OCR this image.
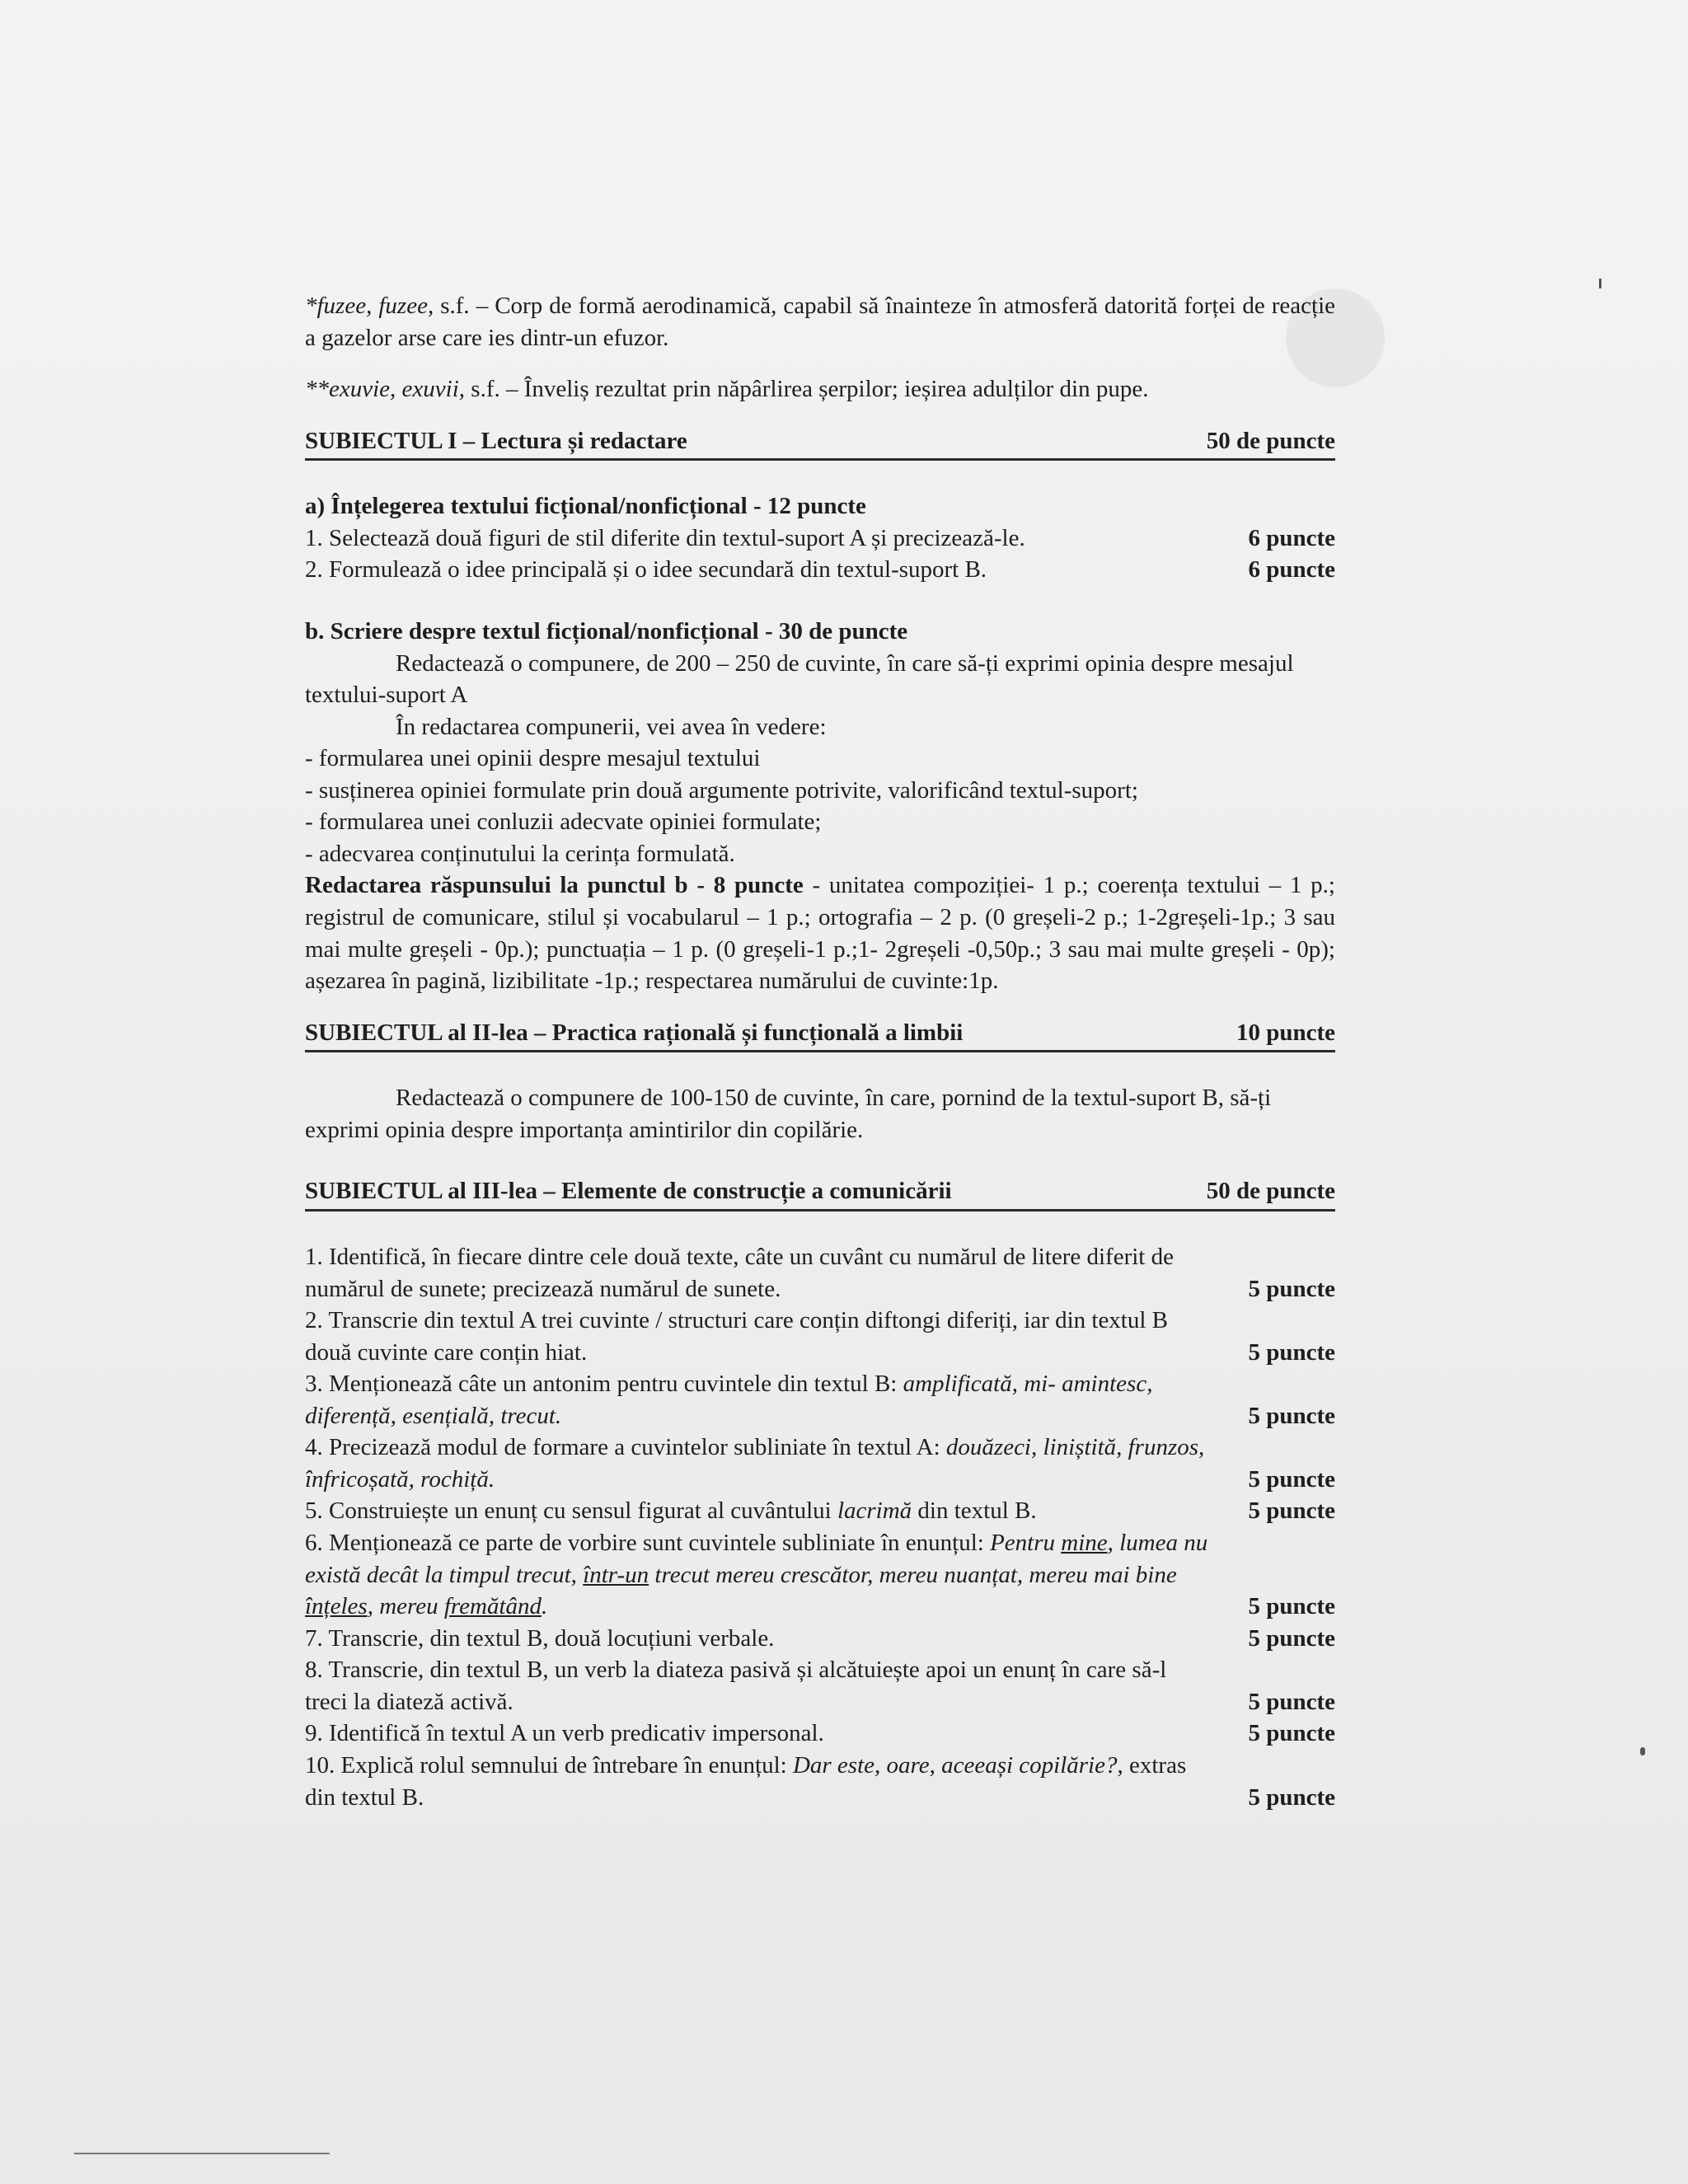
*fuzee, fuzee, s.f. – Corp de formă aerodinamică, capabil să înainteze în atmosferă datorită forței de reacție a gazelor arse care ies dintr-un efuzor.

**exuvie, exuvii, s.f. – Înveliș rezultat prin năpârlirea șerpilor; ieșirea adulților din pupe.

SUBIECTUL I – Lectura și redactare	50 de puncte

a) Înțelegerea textului ficțional/nonficțional - 12 puncte

1. Selectează două figuri de stil diferite din textul-suport A și precizează-le.	6 puncte
2. Formulează o idee principală și o idee secundară din textul-suport B.	6 puncte

b. Scriere despre textul ficțional/nonficțional - 30 de puncte

Redactează o compunere, de 200 – 250 de cuvinte, în care să-ți exprimi opinia despre mesajul textului-suport A

În redactarea compunerii, vei avea în vedere:

- formularea unei opinii despre mesajul textului

- susținerea opiniei formulate prin două argumente potrivite, valorificând textul-suport;

- formularea unei conluzii adecvate opiniei formulate;

- adecvarea conținutului la cerința formulată.

Redactarea răspunsului la punctul b - 8 puncte - unitatea compoziției- 1 p.; coerența textului – 1 p.; registrul de comunicare, stilul și vocabularul – 1 p.; ortografia – 2 p. (0 greșeli-2 p.; 1-2greșeli-1p.; 3 sau mai multe greșeli - 0p.); punctuația – 1 p. (0 greșeli-1 p.;1- 2greșeli -0,50p.; 3 sau mai multe greșeli - 0p); așezarea în pagină, lizibilitate -1p.; respectarea numărului de cuvinte:1p.

SUBIECTUL al II-lea – Practica rațională și funcțională a limbii	10 puncte

Redactează o compunere de 100-150 de cuvinte, în care, pornind de la textul-suport B, să-ți exprimi opinia despre importanța amintirilor din copilărie.

SUBIECTUL al III-lea – Elemente de construcție a comunicării	50 de puncte
1. Identifică, în fiecare dintre cele două texte, câte un cuvânt cu numărul de litere diferit de numărul de sunete; precizează numărul de sunete.	5 puncte
2. Transcrie din textul A trei cuvinte / structuri care conțin diftongi diferiți, iar din textul B două cuvinte care conțin hiat.	5 puncte
3. Menționează câte un antonim pentru cuvintele din textul B: amplificată, mi- amintesc, diferență, esențială, trecut.	5 puncte
4. Precizează modul de formare a cuvintelor subliniate în textul A: douăzeci, liniștită, frunzos, înfricoșată, rochiță.	5 puncte
5. Construiește un enunț cu sensul figurat al cuvântului lacrimă din textul B.	5 puncte
6. Menționează ce parte de vorbire sunt cuvintele subliniate în enunțul: Pentru mine, lumea nu există decât la timpul trecut, într-un trecut mereu crescător, mereu nuanțat, mereu mai bine înțeles, mereu fremătând.	5 puncte
7. Transcrie, din textul B, două locuțiuni verbale.	5 puncte
8. Transcrie, din textul B, un verb la diateza pasivă și alcătuiește apoi un enunț în care să-l treci la diateză activă.	5 puncte
9. Identifică în textul A un verb predicativ impersonal.	5 puncte
10. Explică rolul semnului de întrebare în enunțul: Dar este, oare, aceeași copilărie?, extras din textul B.	5 puncte
